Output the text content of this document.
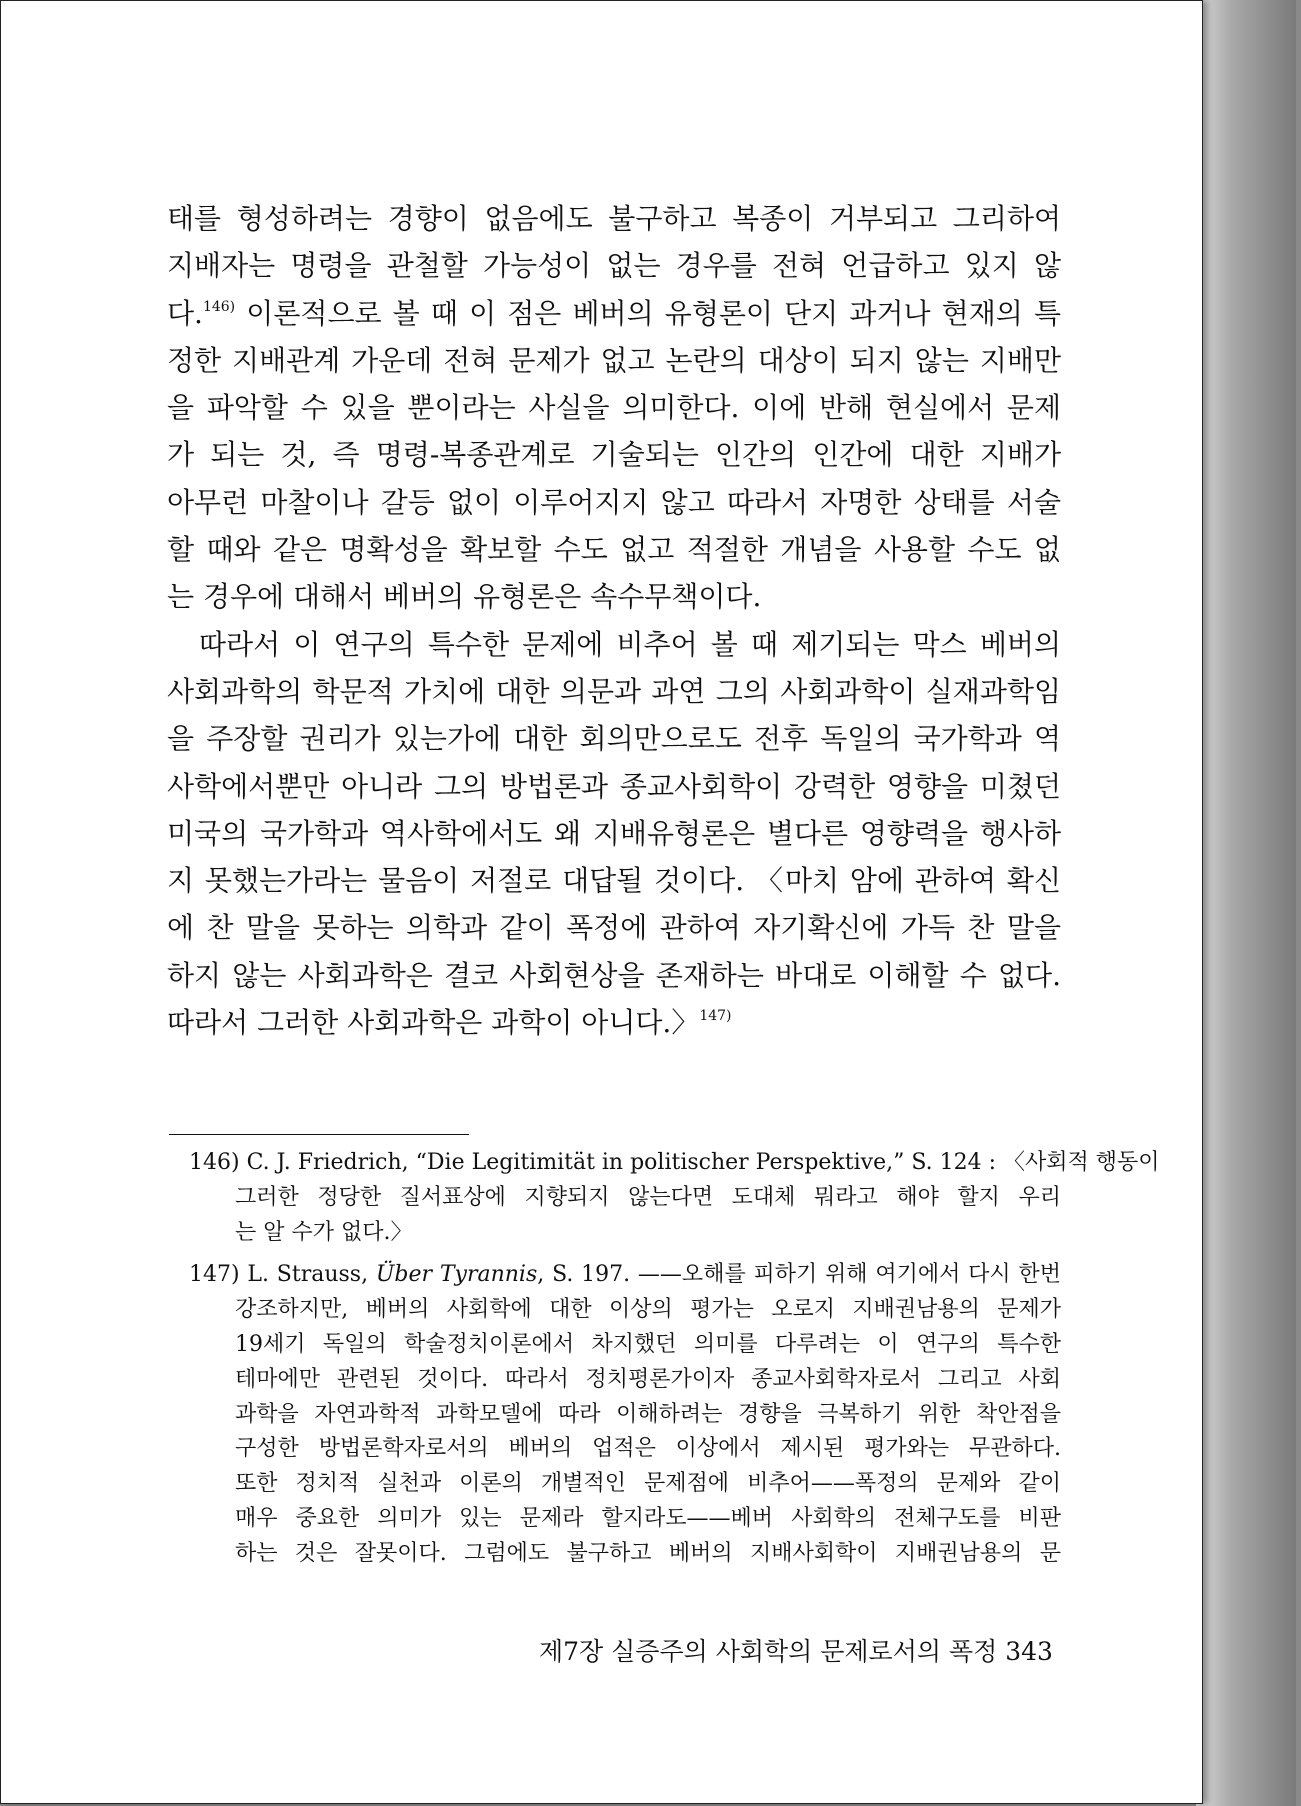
태를 형성하려는 경향이 없음에도 불구하고 복종이 거부되고 그리하여
지배자는 명령을 관철할 가능성이 없는 경우를 전혀 언급하고 있지 않
다.$^{146)}$ 이론적으로 볼 때 이 점은 베버의 유형론이 단지 과거나 현재의 특
정한 지배관계 가운데 전혀 문제가 없고 논란의 대상이 되지 않는 지배만
을 파악할 수 있을 뿐이라는 사실을 의미한다. 이에 반해 현실에서 문제
가 되는 것, 즉 명령-복종관계로 기술되는 인간의 인간에 대한 지배가
아무런 마찰이나 갈등 없이 이루어지지 않고 따라서 자명한 상태를 서술
할 때와 같은 명확성을 확보할 수도 없고 적절한 개념을 사용할 수도 없
는 경우에 대해서 베버의 유형론은 속수무책이다.
따라서 이 연구의 특수한 문제에 비추어 볼 때 제기되는 막스 베버의
사회과학의 학문적 가치에 대한 의문과 과연 그의 사회과학이 실재과학임
을 주장할 권리가 있는가에 대한 회의만으로도 전후 독일의 국가학과 역
사학에서뿐만 아니라 그의 방법론과 종교사회학이 강력한 영향을 미쳤던
미국의 국가학과 역사학에서도 왜 지배유형론은 별다른 영향력을 행사하
지 못했는가라는 물음이 저절로 대답될 것이다. 〈마치 암에 관하여 확신
에 찬 말을 못하는 의학과 같이 폭정에 관하여 자기확신에 가득 찬 말을
하지 않는 사회과학은 결코 사회현상을 존재하는 바대로 이해할 수 없다.
따라서 그러한 사회과학은 과학이 아니다.〉$^{147)}$
146) C. J. Friedrich, “Die Legitimität in politischer Perspektive,” S. 124 : 〈사회적 행동이
그러한 정당한 질서표상에 지향되지 않는다면 도대체 뭐라고 해야 할지 우리
는 알 수가 없다.〉
147) L. Strauss, Über Tyrannis, S. 197. ——오해를 피하기 위해 여기에서 다시 한번
강조하지만, 베버의 사회학에 대한 이상의 평가는 오로지 지배권남용의 문제가
19세기 독일의 학술정치이론에서 차지했던 의미를 다루려는 이 연구의 특수한
테마에만 관련된 것이다. 따라서 정치평론가이자 종교사회학자로서 그리고 사회
과학을 자연과학적 과학모델에 따라 이해하려는 경향을 극복하기 위한 착안점을
구성한 방법론학자로서의 베버의 업적은 이상에서 제시된 평가와는 무관하다.
또한 정치적 실천과 이론의 개별적인 문제점에 비추어——폭정의 문제와 같이
매우 중요한 의미가 있는 문제라 할지라도——베버 사회학의 전체구도를 비판
하는 것은 잘못이다. 그럼에도 불구하고 베버의 지배사회학이 지배권남용의 문
제7장 실증주의 사회학의 문제로서의 폭정 343
